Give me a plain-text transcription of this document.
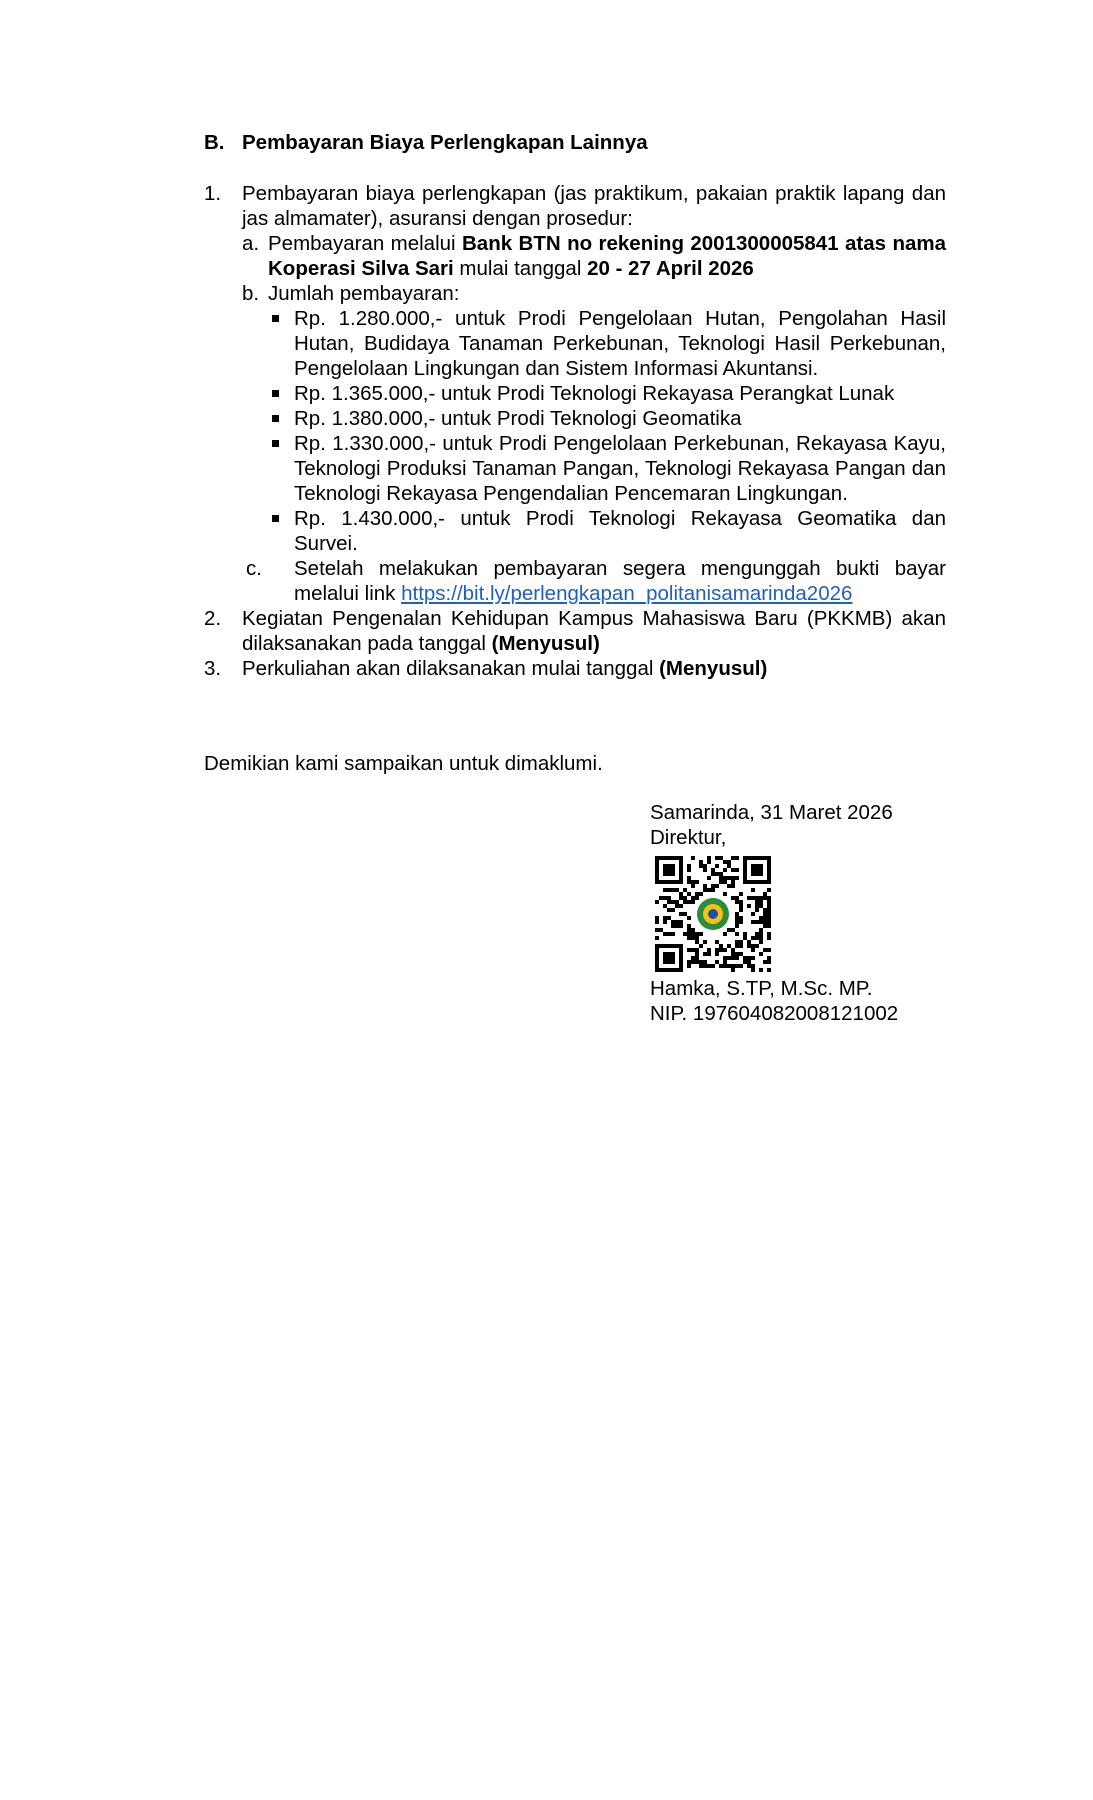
B. Pembayaran Biaya Perlengkapan Lainnya
1.	Pembayaran biaya perlengkapan (jas praktikum, pakaian praktik lapang dan jas almamater), asuransi dengan prosedur:
a. Pembayaran melalui Bank BTN no rekening 2001300005841 atas nama Koperasi Silva Sari mulai tanggal 20 - 27 April 2026
b. Jumlah pembayaran:
Rp. 1.280.000,- untuk Prodi Pengelolaan Hutan, Pengolahan Hasil Hutan, Budidaya Tanaman Perkebunan, Teknologi Hasil Perkebunan, Pengelolaan Lingkungan dan Sistem Informasi Akuntansi.
Rp. 1.365.000,- untuk Prodi Teknologi Rekayasa Perangkat Lunak
Rp. 1.380.000,- untuk Prodi Teknologi Geomatika
Rp. 1.330.000,- untuk Prodi Pengelolaan Perkebunan, Rekayasa Kayu, Teknologi Produksi Tanaman Pangan, Teknologi Rekayasa Pangan dan Teknologi Rekayasa Pengendalian Pencemaran Lingkungan.
Rp. 1.430.000,- untuk Prodi Teknologi Rekayasa Geomatika dan Survei.
c.	Setelah melakukan pembayaran segera mengunggah bukti bayar melalui link https://bit.ly/perlengkapan_politanisamarinda2026
2.	Kegiatan Pengenalan Kehidupan Kampus Mahasiswa Baru (PKKMB) akan dilaksanakan pada tanggal (Menyusul)
3.	Perkuliahan akan dilaksanakan mulai tanggal (Menyusul)
Demikian kami sampaikan untuk dimaklumi.
Samarinda, 31 Maret 2026
Direktur,
Hamka, S.TP, M.Sc. MP.
NIP. 197604082008121002
